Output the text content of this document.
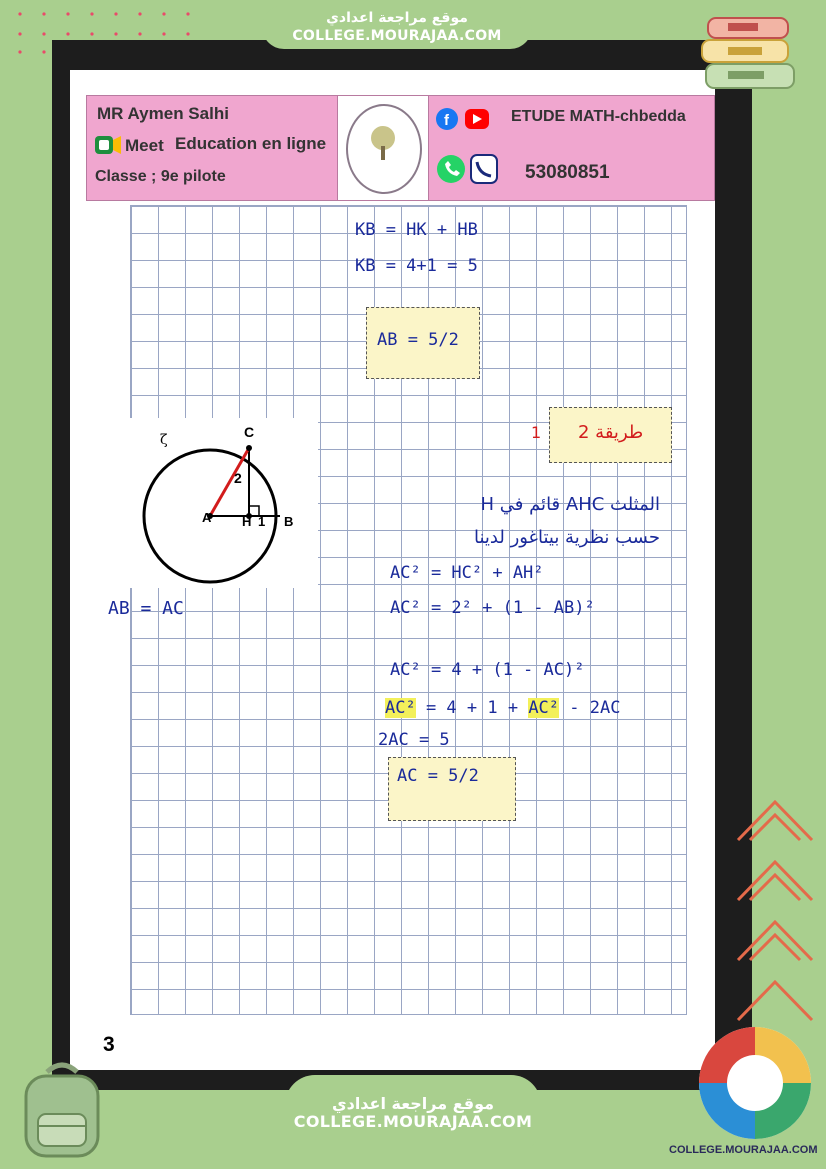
موقع مراجعة اعدادي
COLLEGE.MOURAJAA.COM
MR Aymen Salhi
Meet Education en ligne
Classe ; 9e pilote
f	ETUDE MATH-chbedda
53080851
KB = HK + HB
KB = 4+1 = 5
AB = 5/2
طريقة 2
1
C
A H 1 B
2
ζ
AB = AC
المثلث AHC قائم في H
حسب نظرية بيتاغور لدينا
AC² = HC² + AH²
AC² = 2² + (1 - AB)²
AC² = 4 + (1 - AC)²
AC² = 4 + 1 + AC² - 2AC
2AC = 5
AC = 5/2
3
موقع مراجعة اعدادي
COLLEGE.MOURAJAA.COM
COLLEGE.MOURAJAA.COM
